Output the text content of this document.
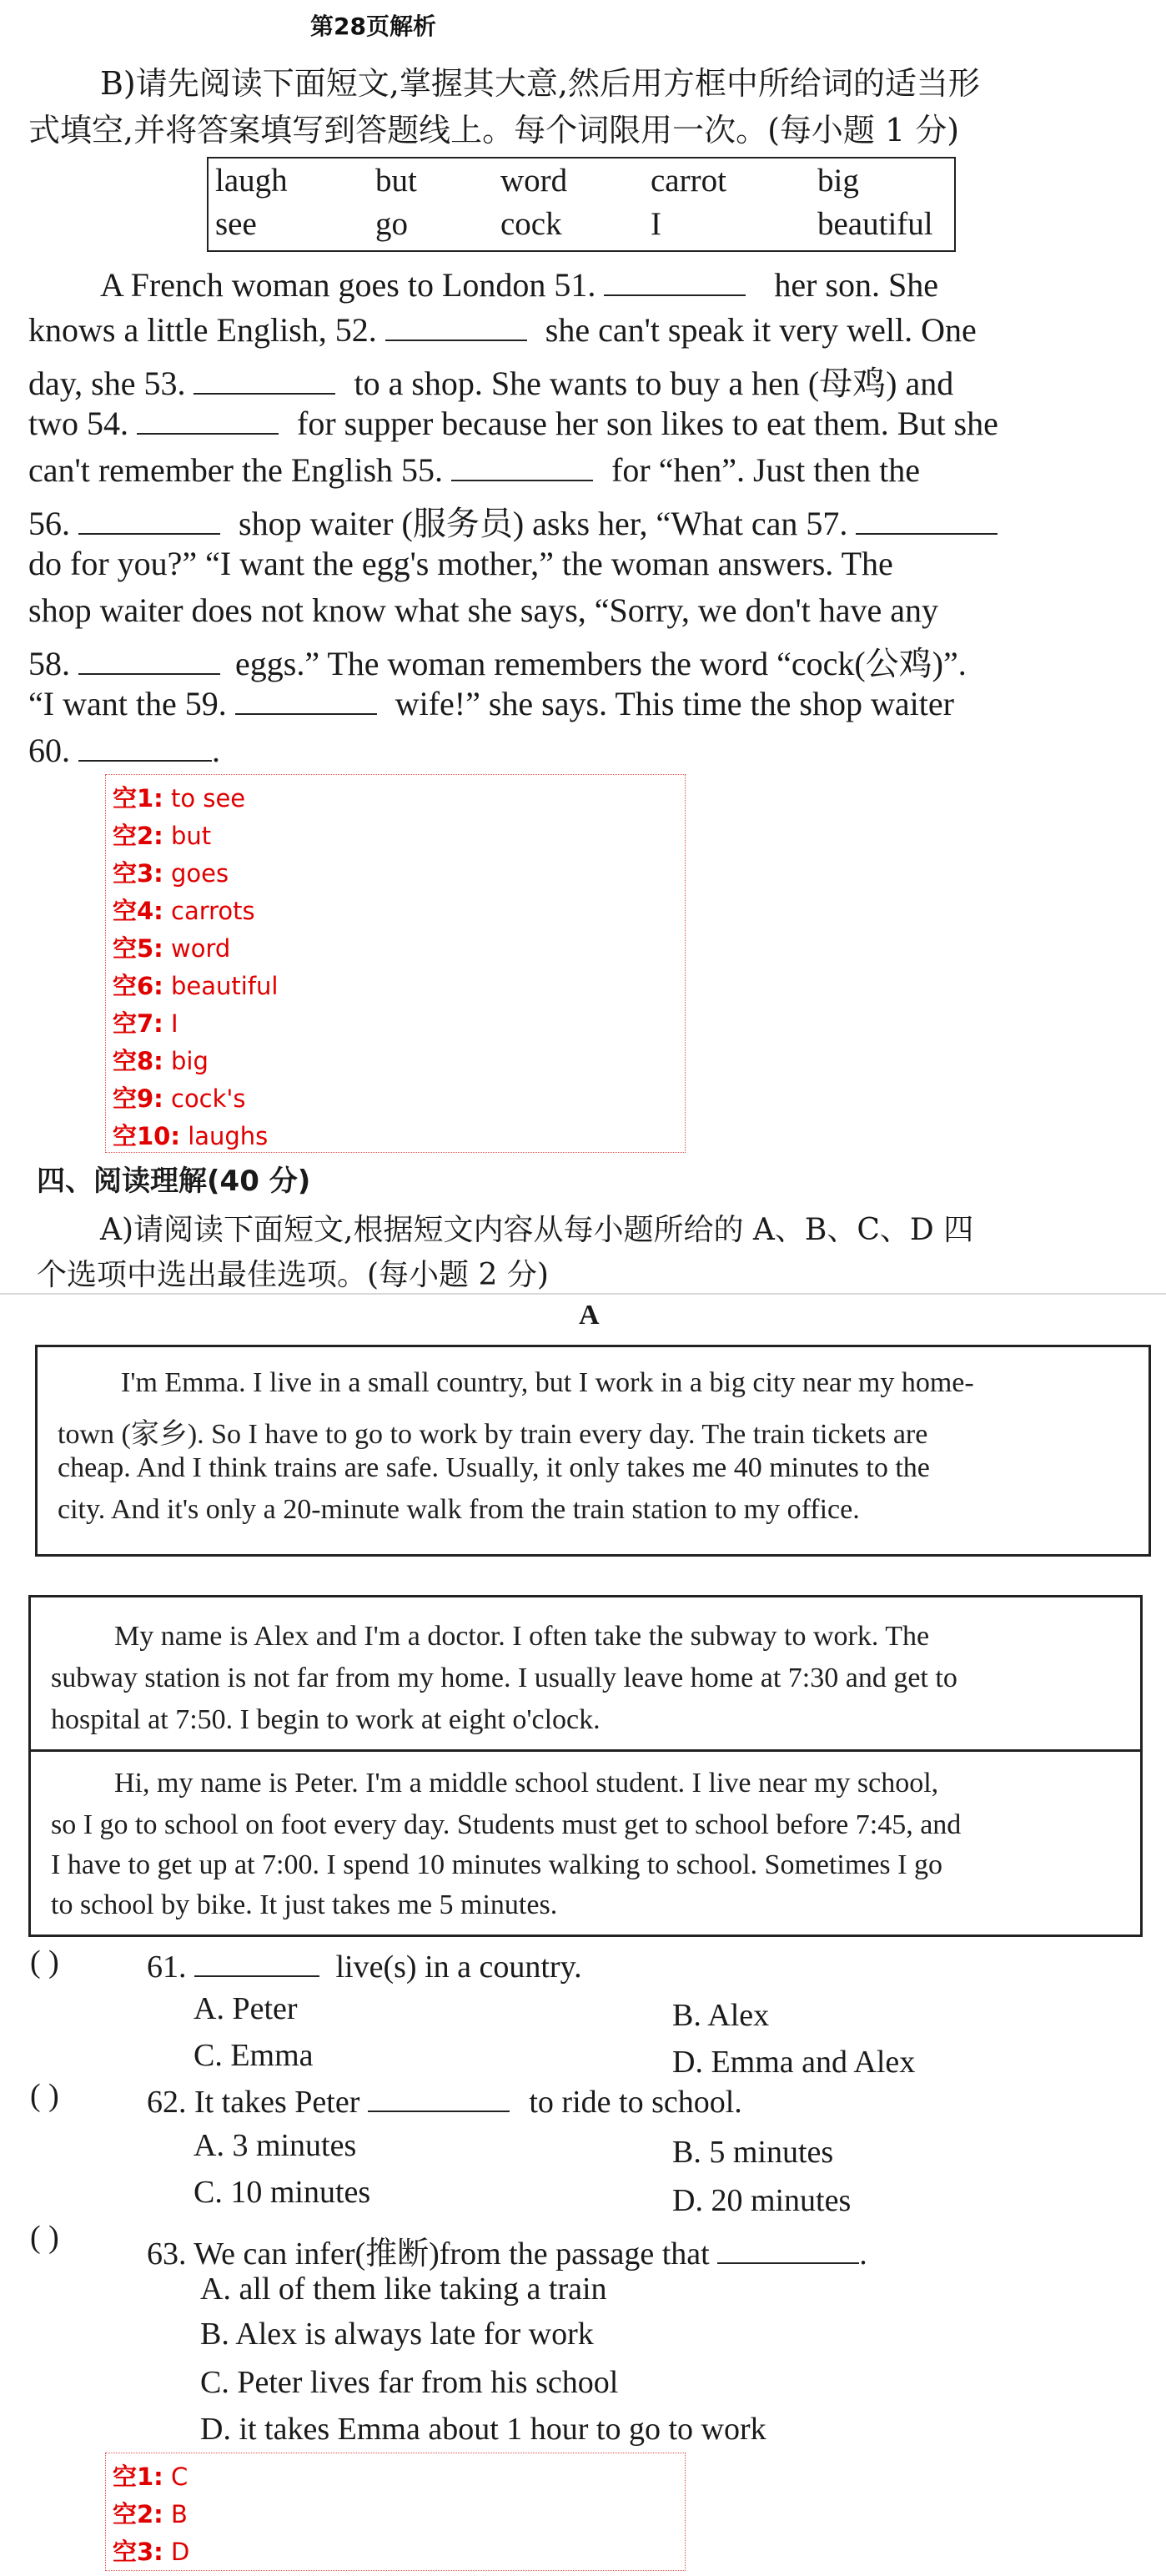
第28页解析
B)请先阅读下面短文,掌握其大意,然后用方框中所给词的适当形
式填空,并将答案填写到答题线上。每个词限用一次。(每小题 1 分)
laugh	but	word	carrot	big
see	go	cock	I	beautiful
A French woman goes to London 51.	her son. She
knows a little English, 52.	she can't speak it very well. One
day, she 53.	to a shop. She wants to buy a hen (母鸡) and
two 54.	for supper because her son likes to eat them. But she
can't remember the English 55.	for “hen”. Just then the
56.	shop waiter (服务员) asks her, “What can 57.
do for you?” “I want the egg's mother,” the woman answers. The
shop waiter does not know what she says, “Sorry, we don't have any
58.	eggs.” The woman remembers the word “cock(公鸡)”.
“I want the 59.	wife!” she says. This time the shop waiter
60.	.
空1: to see
空2: but
空3: goes
空4: carrots
空5: word
空6: beautiful
空7: I
空8: big
空9: cock's
空10: laughs
四、阅读理解(40 分)
A)请阅读下面短文,根据短文内容从每小题所给的 A、B、C、D 四
个选项中选出最佳选项。(每小题 2 分)
A
I'm Emma. I live in a small country, but I work in a big city near my home-
town (家乡). So I have to go to work by train every day. The train tickets are
cheap. And I think trains are safe. Usually, it only takes me 40 minutes to the
city. And it's only a 20-minute walk from the train station to my office.
My name is Alex and I'm a doctor. I often take the subway to work. The
subway station is not far from my home. I usually leave home at 7:30 and get to
hospital at 7:50. I begin to work at eight o'clock.
Hi, my name is Peter. I'm a middle school student. I live near my school,
so I go to school on foot every day. Students must get to school before 7:45, and
I have to get up at 7:00. I spend 10 minutes walking to school. Sometimes I go
to school by bike. It just takes me 5 minutes.
( )	61.	live(s) in a country.
A. Peter	B. Alex
C. Emma	D. Emma and Alex
( )	62. It takes Peter	to ride to school.
A. 3 minutes	B. 5 minutes
C. 10 minutes	D. 20 minutes
( )	63. We can infer(推断)from the passage that	.
A. all of them like taking a train
B. Alex is always late for work
C. Peter lives far from his school
D. it takes Emma about 1 hour to go to work
空1: C
空2: B
空3: D
